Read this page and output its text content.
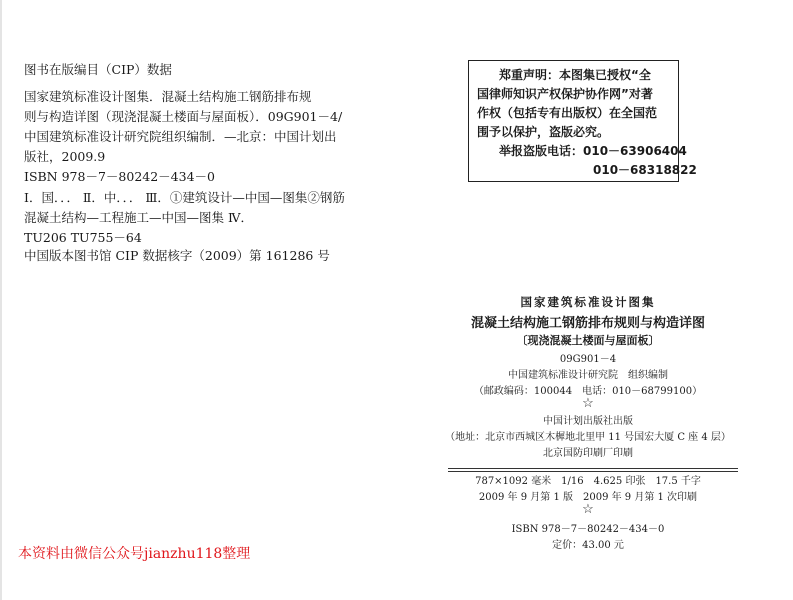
图书在版编目（CIP）数据
国家建筑标准设计图集．混凝土结构施工钢筋排布规
则与构造详图（现浇混凝土楼面与屋面板）．09G901－4/
中国建筑标准设计研究院组织编制．—北京：中国计划出
版社，2009.9
ISBN 978－7－80242－434－0
Ⅰ．国．．． Ⅱ．中．．． Ⅲ．①建筑设计—中国—图集②钢筋
混凝土结构—工程施工—中国—图集 Ⅳ．
TU206 TU755－64
中国版本图书馆 CIP 数据核字（2009）第 161286 号
郑重声明：本图集已授权“全
国律师知识产权保护协作网”对著
作权（包括专有出版权）在全国范
围予以保护，盗版必究。
举报盗版电话：010－63906404
010－68318822
国家建筑标准设计图集
混凝土结构施工钢筋排布规则与构造详图
〔现浇混凝土楼面与屋面板〕
09G901－4
中国建筑标准设计研究院　组织编制
（邮政编码：100044　电话：010－68799100）
☆
中国计划出版社出版
（地址：北京市西城区木樨地北里甲 11 号国宏大厦 C 座 4 层）
北京国防印刷厂印刷
787×1092 毫米　1/16　4.625 印张　17.5 千字
2009 年 9 月第 1 版　2009 年 9 月第 1 次印刷
☆
ISBN 978－7－80242－434－0
定价：43.00 元
本资料由微信公众号jianzhu118整理
